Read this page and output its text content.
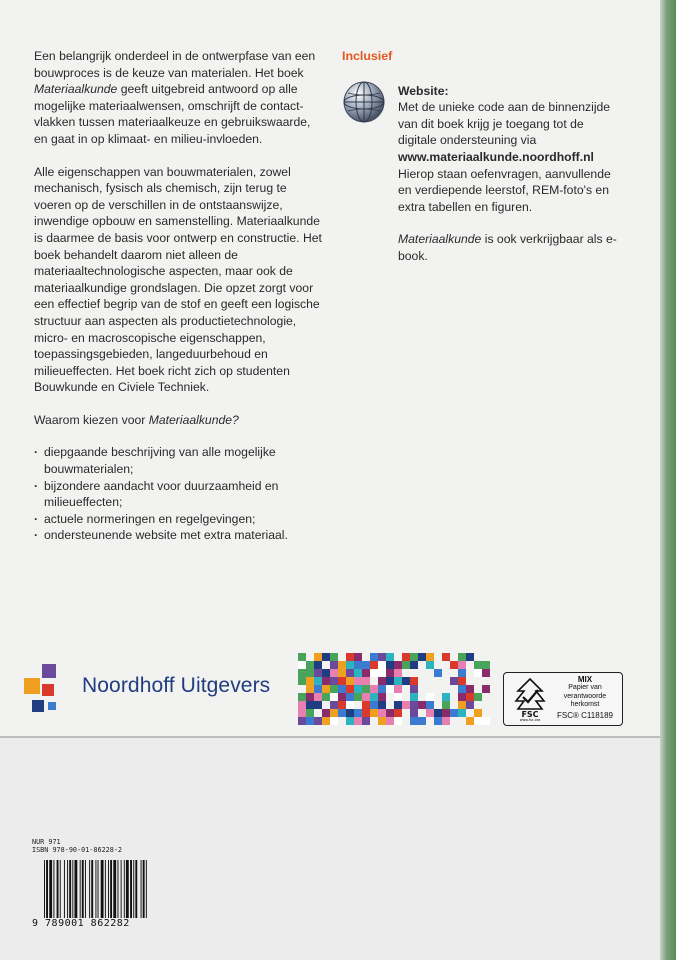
Een belangrijk onderdeel in de ontwerpfase van een bouwproces is de keuze van materialen. Het boek Materiaalkunde geeft uitgebreid antwoord op alle mogelijke materiaalwensen, omschrijft de contactvlakken tussen materiaalkeuze en gebruikswaarde, en gaat in op klimaat- en milieu-invloeden.

Alle eigenschappen van bouwmaterialen, zowel mechanisch, fysisch als chemisch, zijn terug te voeren op de verschillen in de ontstaanswijze, inwendige opbouw en samenstelling. Materiaalkunde is daarmee de basis voor ontwerp en constructie. Het boek behandelt daarom niet alleen de materiaaltechnologische aspecten, maar ook de materiaalkundige grondslagen. Die opzet zorgt voor een effectief begrip van de stof en geeft een logische structuur aan aspecten als productietechnologie, micro- en macroscopische eigenschappen, toepassingsgebieden, langeduurbehoud en milieueffecten. Het boek richt zich op studenten Bouwkunde en Civiele Techniek.

Waarom kiezen voor Materiaalkunde?

· diepgaande beschrijving van alle mogelijke bouwmaterialen;
· bijzondere aandacht voor duurzaamheid en milieueffecten;
· actuele normeringen en regelgevingen;
· ondersteunende website met extra materiaal.
Inclusief
Website:
Met de unieke code aan de binnenzijde van dit boek krijg je toegang tot de digitale ondersteuning via
www.materiaalkunde.noordhoff.nl

Hierop staan oefenvragen, aanvullende en verdiepende leerstof, REM-foto's en extra tabellen en figuren.

Materiaalkunde is ook verkrijgbaar als e-book.

Noordhoff Uitgevers
FSC
www.fsc.org
MIX
Papier van
verantwoorde herkomst
FSC® C118189
NUR 971
ISBN 978-90-01-86228-2
9 789001 862282
